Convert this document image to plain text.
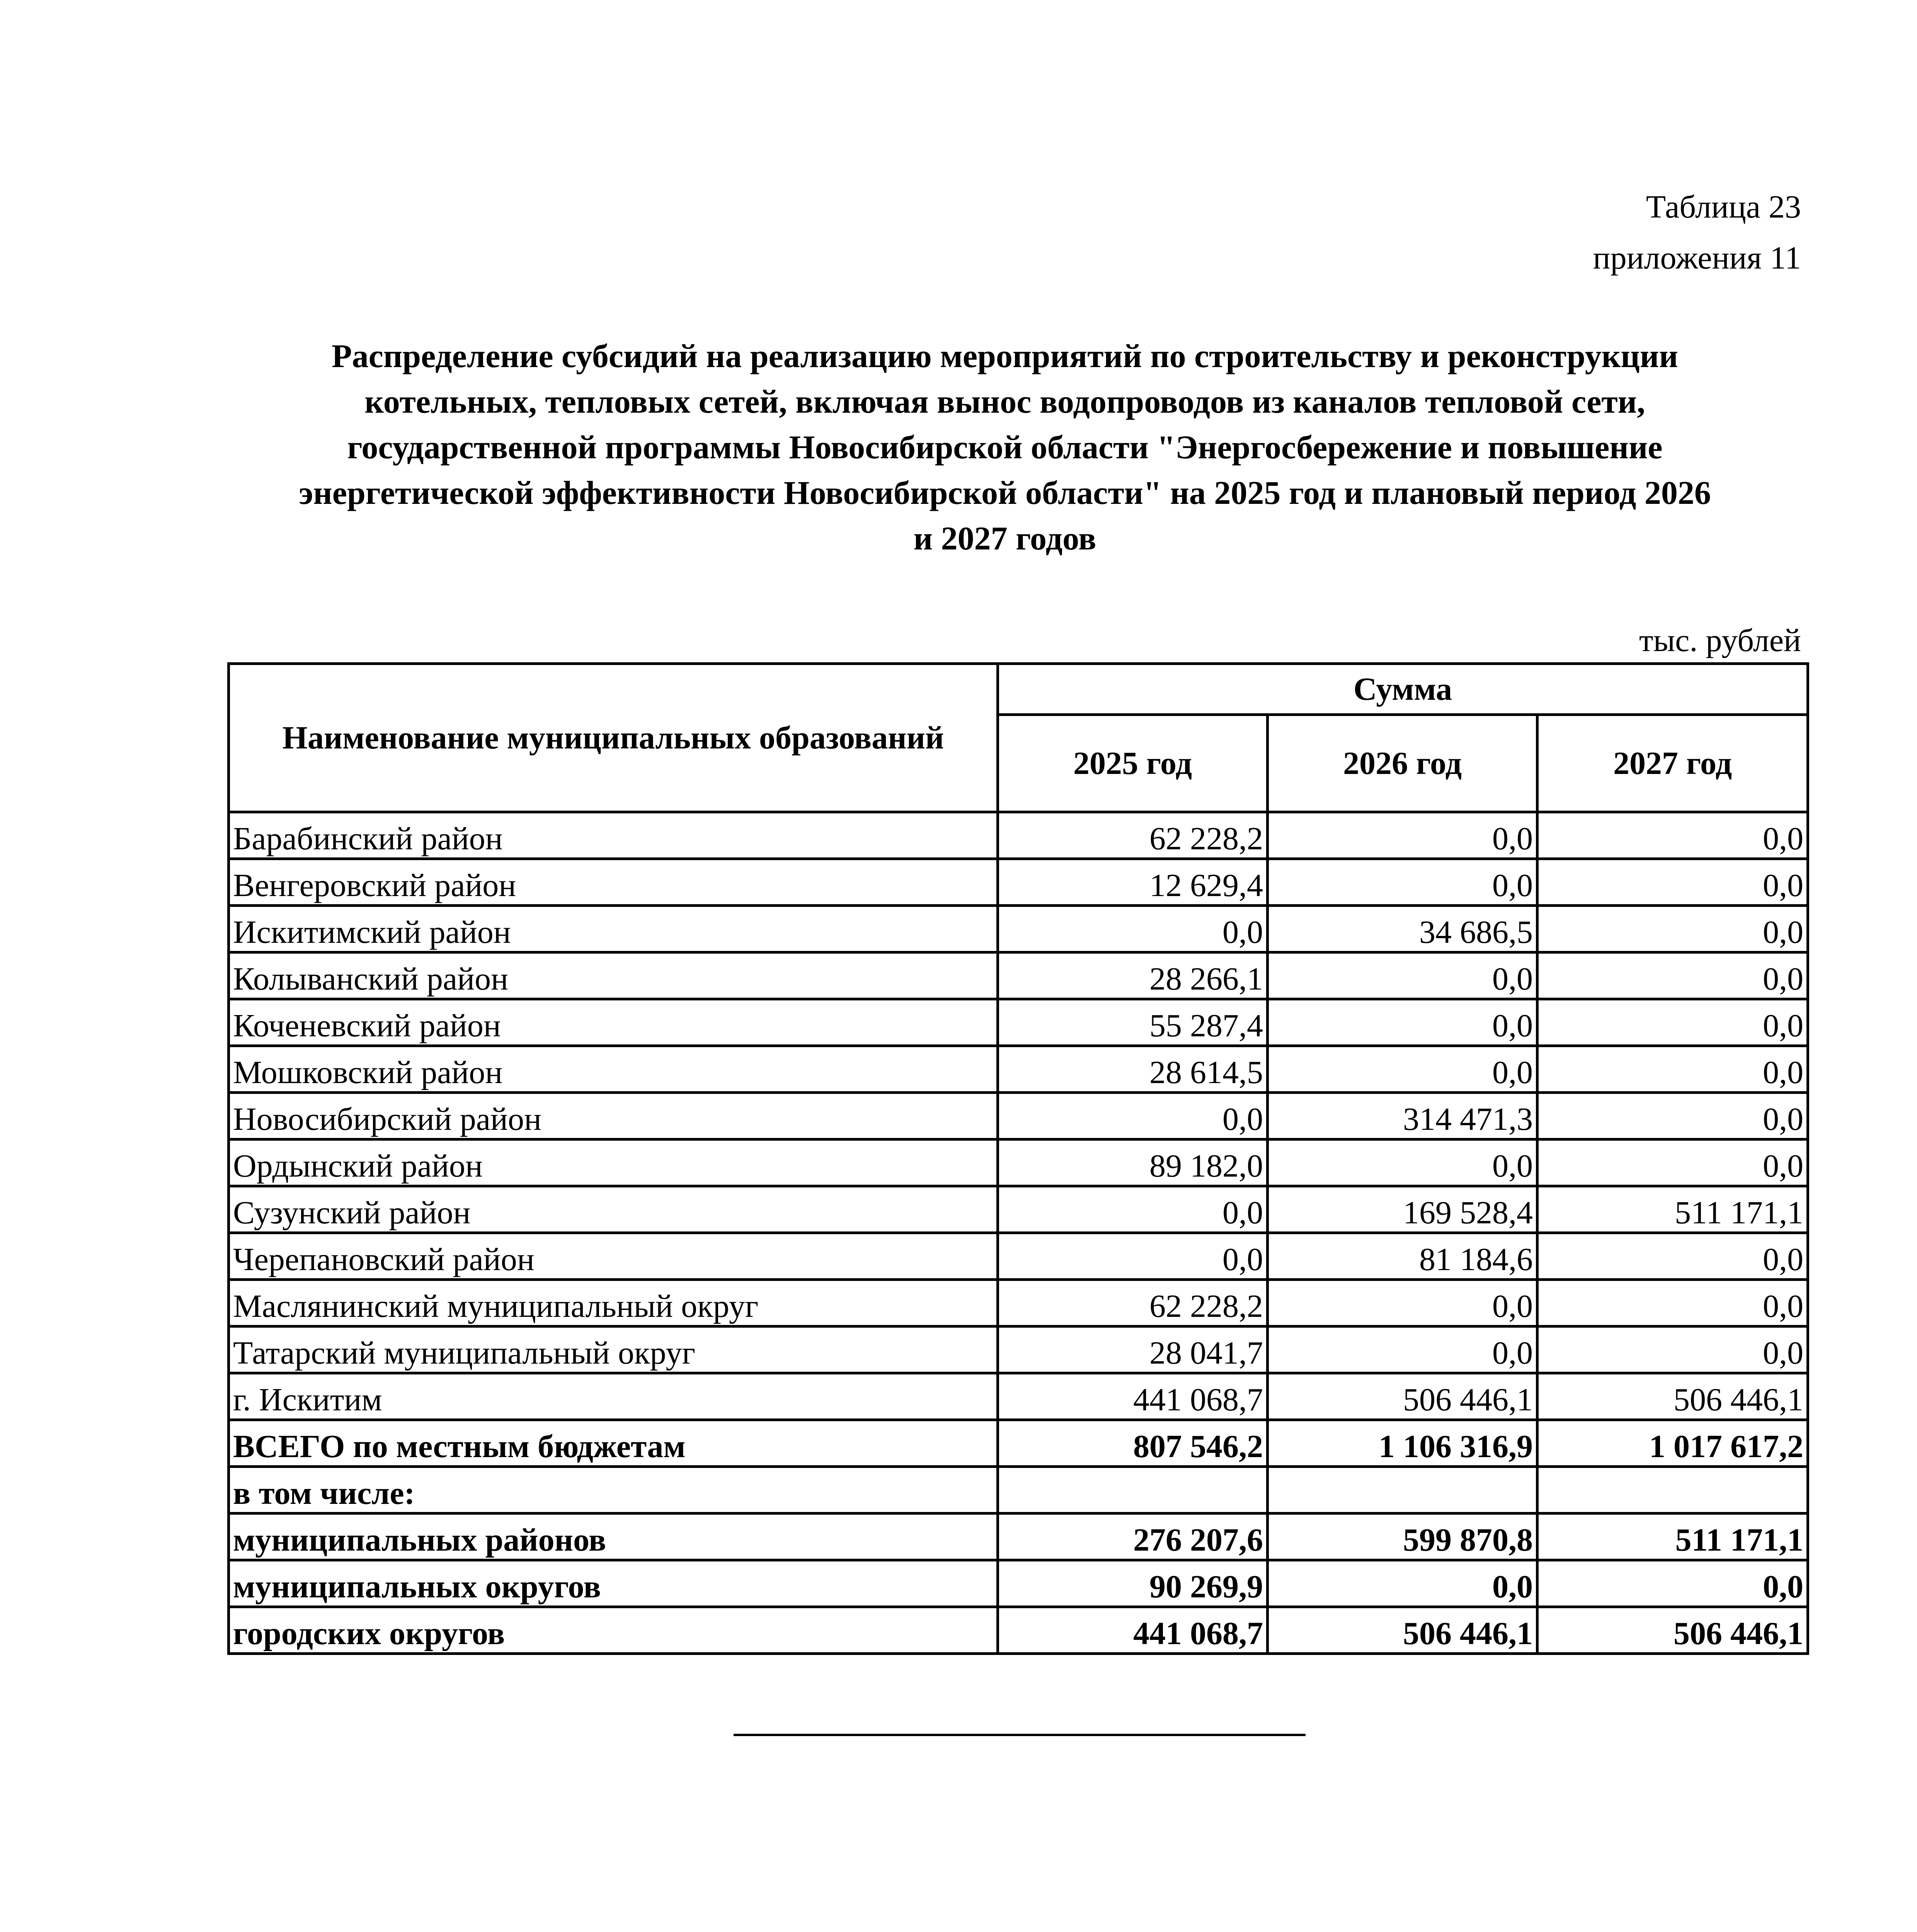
Таблица 23
приложения 11
Распределение субсидий на реализацию мероприятий по строительству и реконструкции
котельных, тепловых сетей, включая вынос водопроводов из каналов тепловой сети,
государственной программы Новосибирской области "Энергосбережение и повышение
энергетической эффективности Новосибирской области" на 2025 год и плановый период 2026
и 2027 годов
тыс. рублей
Наименование муниципальных образований	Сумма		
	2025 год	2026 год	2027 год
Барабинский район	62 228,2	0,0	0,0
Венгеровский район	12 629,4	0,0	0,0
Искитимский район	0,0	34 686,5	0,0
Колыванский район	28 266,1	0,0	0,0
Коченевский район	55 287,4	0,0	0,0
Мошковский район	28 614,5	0,0	0,0
Новосибирский район	0,0	314 471,3	0,0
Ордынский район	89 182,0	0,0	0,0
Сузунский район	0,0	169 528,4	511 171,1
Черепановский район	0,0	81 184,6	0,0
Маслянинский муниципальный округ	62 228,2	0,0	0,0
Татарский муниципальный округ	28 041,7	0,0	0,0
г. Искитим	441 068,7	506 446,1	506 446,1
ВСЕГО по местным бюджетам	807 546,2	1 106 316,9	1 017 617,2
в том числе:			
муниципальных районов	276 207,6	599 870,8	511 171,1
муниципальных округов	90 269,9	0,0	0,0
городских округов	441 068,7	506 446,1	506 446,1
